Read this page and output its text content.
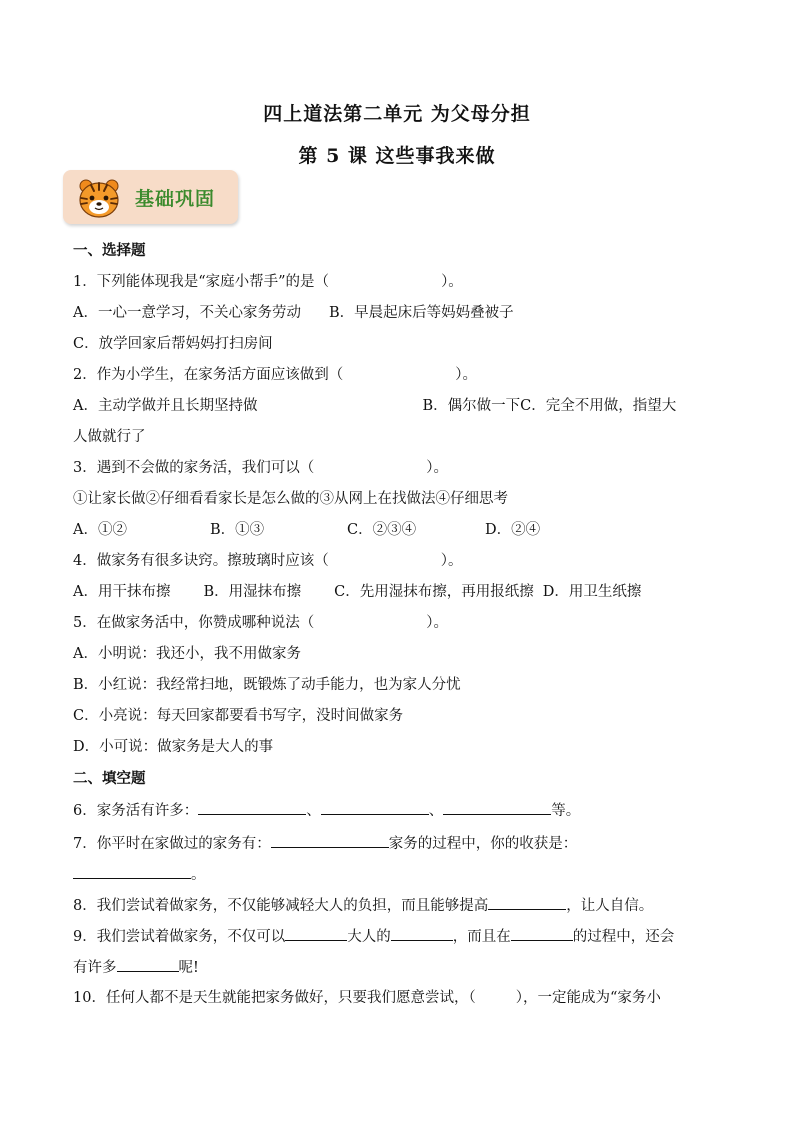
四上道法第二单元 为父母分担
第 5 课 这些事我来做
基础巩固
一、选择题
1．下列能体现我是“家庭小帮手”的是（	）。
A．一心一意学习，不关心家务劳动 B．早晨起床后等妈妈叠被子
C．放学回家后帮妈妈打扫房间
2．作为小学生，在家务活方面应该做到（	）。
A．主动学做并且长期坚持做	B．偶尔做一下C．完全不用做，指望大
人做就行了
3．遇到不会做的家务活，我们可以（	）。
①让家长做②仔细看看家长是怎么做的③从网上在找做法④仔细思考
A．①②	B．①③	C．②③④	D．②④
4．做家务有很多诀窍。擦玻璃时应该（	）。
A．用干抹布擦 B．用湿抹布擦 C．先用湿抹布擦，再用报纸擦 D．用卫生纸擦
5．在做家务活中，你赞成哪种说法（	）。
A．小明说：我还小，我不用做家务
B．小红说：我经常扫地，既锻炼了动手能力，也为家人分忧
C．小亮说：每天回家都要看书写字，没时间做家务
D．小可说：做家务是大人的事
二、填空题
6．家务活有许多：	、	、	等。
7．你平时在家做过的家务有：	家务的过程中，你的收获是：
。
8．我们尝试着做家务，不仅能够减轻大人的负担，而且能够提高	，让人自信。
9．我们尝试着做家务，不仅可以	大人的	，而且在	的过程中，还会
有许多	呢!
10．任何人都不是天生就能把家务做好，只要我们愿意尝试，（	），一定能成为“家务小
